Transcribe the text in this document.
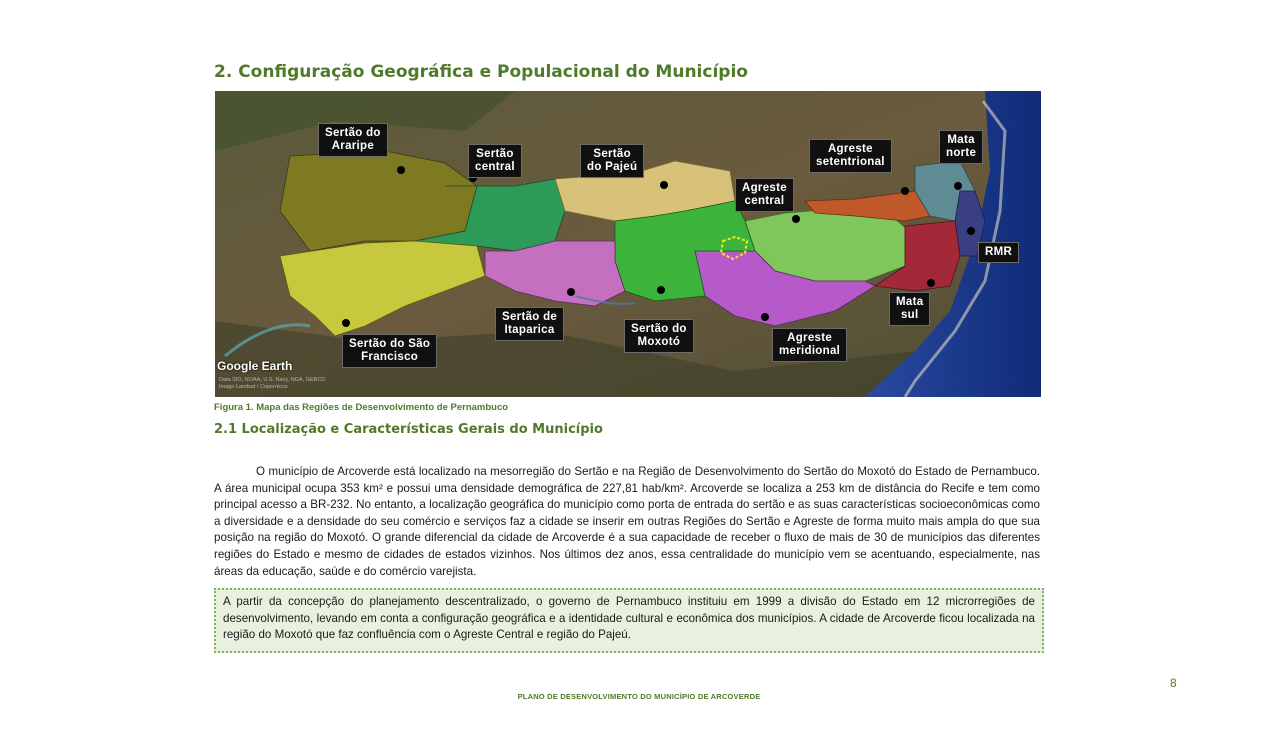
2. Configuração Geográfica e Populacional do Município
Sertão do
Araripe
Sertão
central
Sertão
do Pajeú
Agreste
central
Agreste
setentrional
Mata
norte
RMR
Mata
sul
Agreste
meridional
Sertão do
Moxotó
Sertão de
Itaparica
Sertão do São
Francisco
Google Earth
Data SIO, NOAA, U.S. Navy, NGA, GEBCO
Image Landsat / Copernicus
Figura 1. Mapa das Regiões de Desenvolvimento de Pernambuco
2.1 Localização e Características Gerais do Município

O município de Arcoverde está localizado na mesorregião do Sertão e na Região de Desenvolvimento do Sertão do Moxotó do Estado de Pernambuco. A área municipal ocupa 353 km² e possui uma densidade demográfica de 227,81 hab/km². Arcoverde se localiza a 253 km de distância do Recife e tem como principal acesso a BR-232. No entanto, a localização geográfica do município como porta de entrada do sertão e as suas características socioeconômicas como a diversidade e a densidade do seu comércio e serviços faz a cidade se inserir em outras Regiões do Sertão e Agreste de forma muito mais ampla do que sua posição na região do Moxotó. O grande diferencial da cidade de Arcoverde é a sua capacidade de receber o fluxo de mais de 30 de municípios das diferentes regiões do Estado e mesmo de cidades de estados vizinhos. Nos últimos dez anos, essa centralidade do município vem se acentuando, especialmente, nas áreas da educação, saúde e do comércio varejista.

A partir da concepção do planejamento descentralizado, o governo de Pernambuco instituiu em 1999 a divisão do Estado em 12 microrregiões de desenvolvimento, levando em conta a configuração geográfica e a identidade cultural e econômica dos municípios. A cidade de Arcoverde ficou localizada na região do Moxotó que faz confluência com o Agreste Central e região do Pajeú.

8
PLANO DE DESENVOLVIMENTO DO MUNICÍPIO DE ARCOVERDE
